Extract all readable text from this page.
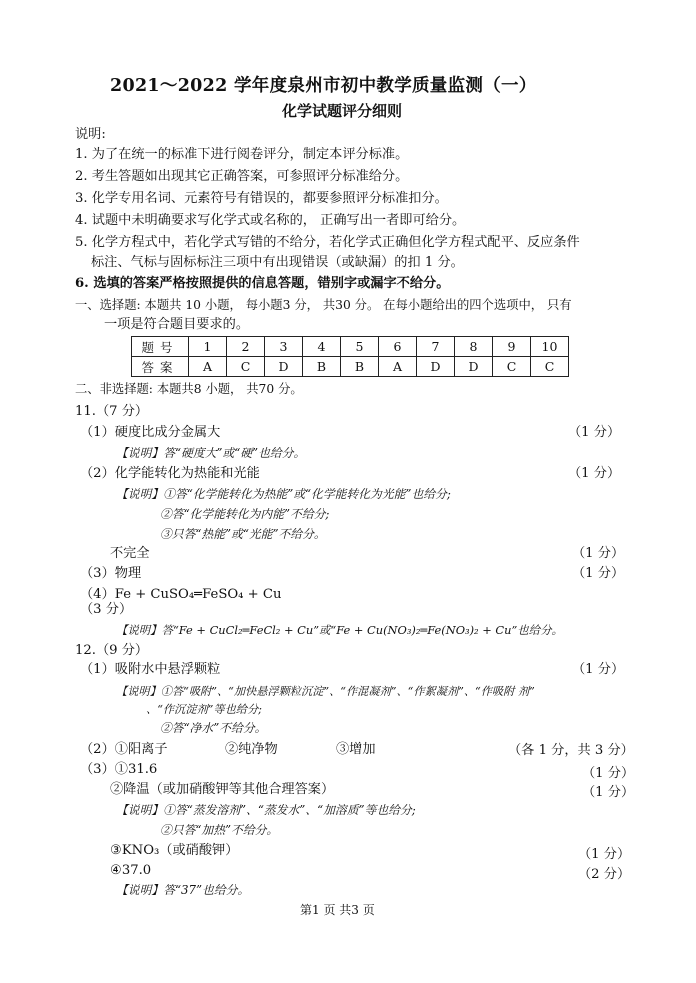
2021～2022 学年度泉州市初中教学质量监测（一）
化学试题评分细则
说明:
1. 为了在统一的标准下进行阅卷评分，制定本评分标准。
2. 考生答题如出现其它正确答案，可参照评分标准给分。
3. 化学专用名词、元素符号有错误的，都要参照评分标准扣分。
4. 试题中未明确要求写化学式或名称的， 正确写出一者即可给分。
5. 化学方程式中，若化学式写错的不给分，若化学式正确但化学方程式配平、反应条件
标注、气标与固标标注三项中有出现错误（或缺漏）的扣 1 分。
6. 选填的答案严格按照提供的信息答题，错别字或漏字不给分。
一、选择题: 本题共 10 小题， 每小题3 分， 共30 分。 在每小题给出的四个选项中， 只有
一项是符合题目要求的。
题号	1	2	3	4	5	6	7	8	9	10
答案	A	C	D	B	B	A	D	D	C	C
二、非选择题: 本题共8 小题， 共70 分。
11.（7 分）
（1）硬度比成分金属大	（1 分）
【说明】答“硬度大”或“硬”也给分。
（2）化学能转化为热能和光能	（1 分）
【说明】①答“化学能转化为热能”或“化学能转化为光能”也给分;
②答“化学能转化为内能”不给分;
③只答“热能”或“光能”不给分。
不完全	（1 分）
（3）物理	（1 分）
（4）Fe + CuSO₄═FeSO₄ + Cu
（3 分）
【说明】答“Fe + CuCl₂═FeCl₂ + Cu”或“Fe + Cu(NO₃)₂═Fe(NO₃)₂ + Cu”也给分。
12.（9 分）
（1）吸附水中悬浮颗粒	（1 分）
【说明】①答“吸附”、“加快悬浮颗粒沉淀”、“作混凝剂”、“作絮凝剂”、“作吸附 剂”
、“作沉淀剂”等也给分;
②答“净水”不给分。
（2）①阳离子	②纯净物	③增加	（各 1 分，共 3 分）
（3）①31.6	（1 分）
②降温（或加硝酸钾等其他合理答案）	（1 分）
【说明】①答“蒸发溶剂”、“蒸发水”、“加溶质”等也给分;
②只答“加热”不给分。
③KNO₃（或硝酸钾）	（1 分）
④37.0	（2 分）
【说明】答“37”也给分。
第1 页 共3 页
